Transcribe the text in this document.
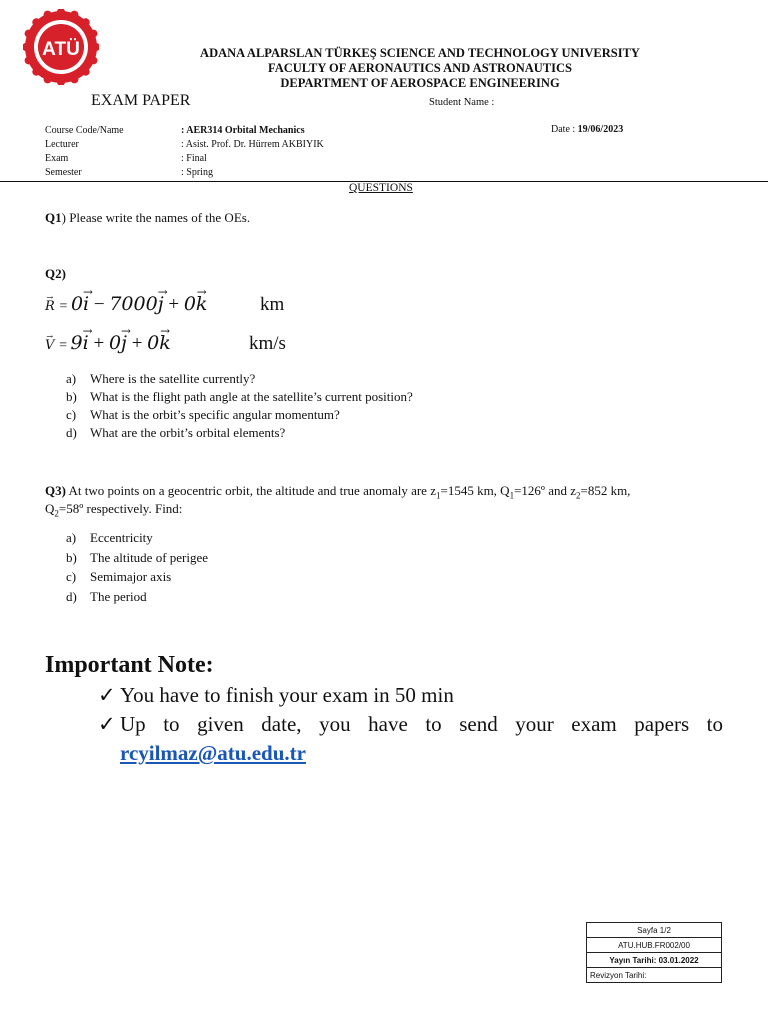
ATÜ	ADANA ALPARSLAN TÜRKEŞ SCIENCE AND TECHNOLOGY UNIVERSITY
FACULTY OF AERONAUTICS AND ASTRONAUTICS
DEPARTMENT OF AEROSPACE ENGINEERING
EXAM PAPER	Student Name :
Course Code/Name	: AER314 Orbital Mechanics
Lecturer	: Asist. Prof. Dr. Hürrem AKBIYIK
Exam	: Final
Semester	: Spring
Date : 19/06/2023
QUESTIONS
Q1) Please write the names of the OEs.
Q2)
R → = 0i → − 7000j → + 0k →	km
V → = 9i → + 0j → + 0k →	km/s
a) Where is the satellite currently?
b) What is the flight path angle at the satellite’s current position?
c) What is the orbit’s specific angular momentum?
d) What are the orbit’s orbital elements?
Q3) At two points on a geocentric orbit, the altitude and true anomaly are $z_1=1545$ km, $Q_1=126º$ and $z_2=852$ km,
$Q_2=58º$ respectively. Find:
a) Eccentricity
b) The altitude of perigee
c) Semimajor axis
d) The period
Important Note:
✓ You have to finish your exam in 50 min
✓ Up to given date, you have to send your exam papers to
rcyilmaz@atu.edu.tr
Sayfa 1/2
ATU.HUB.FR002/00
Yayın Tarihi: 03.01.2022
Revizyon Tarihi:
